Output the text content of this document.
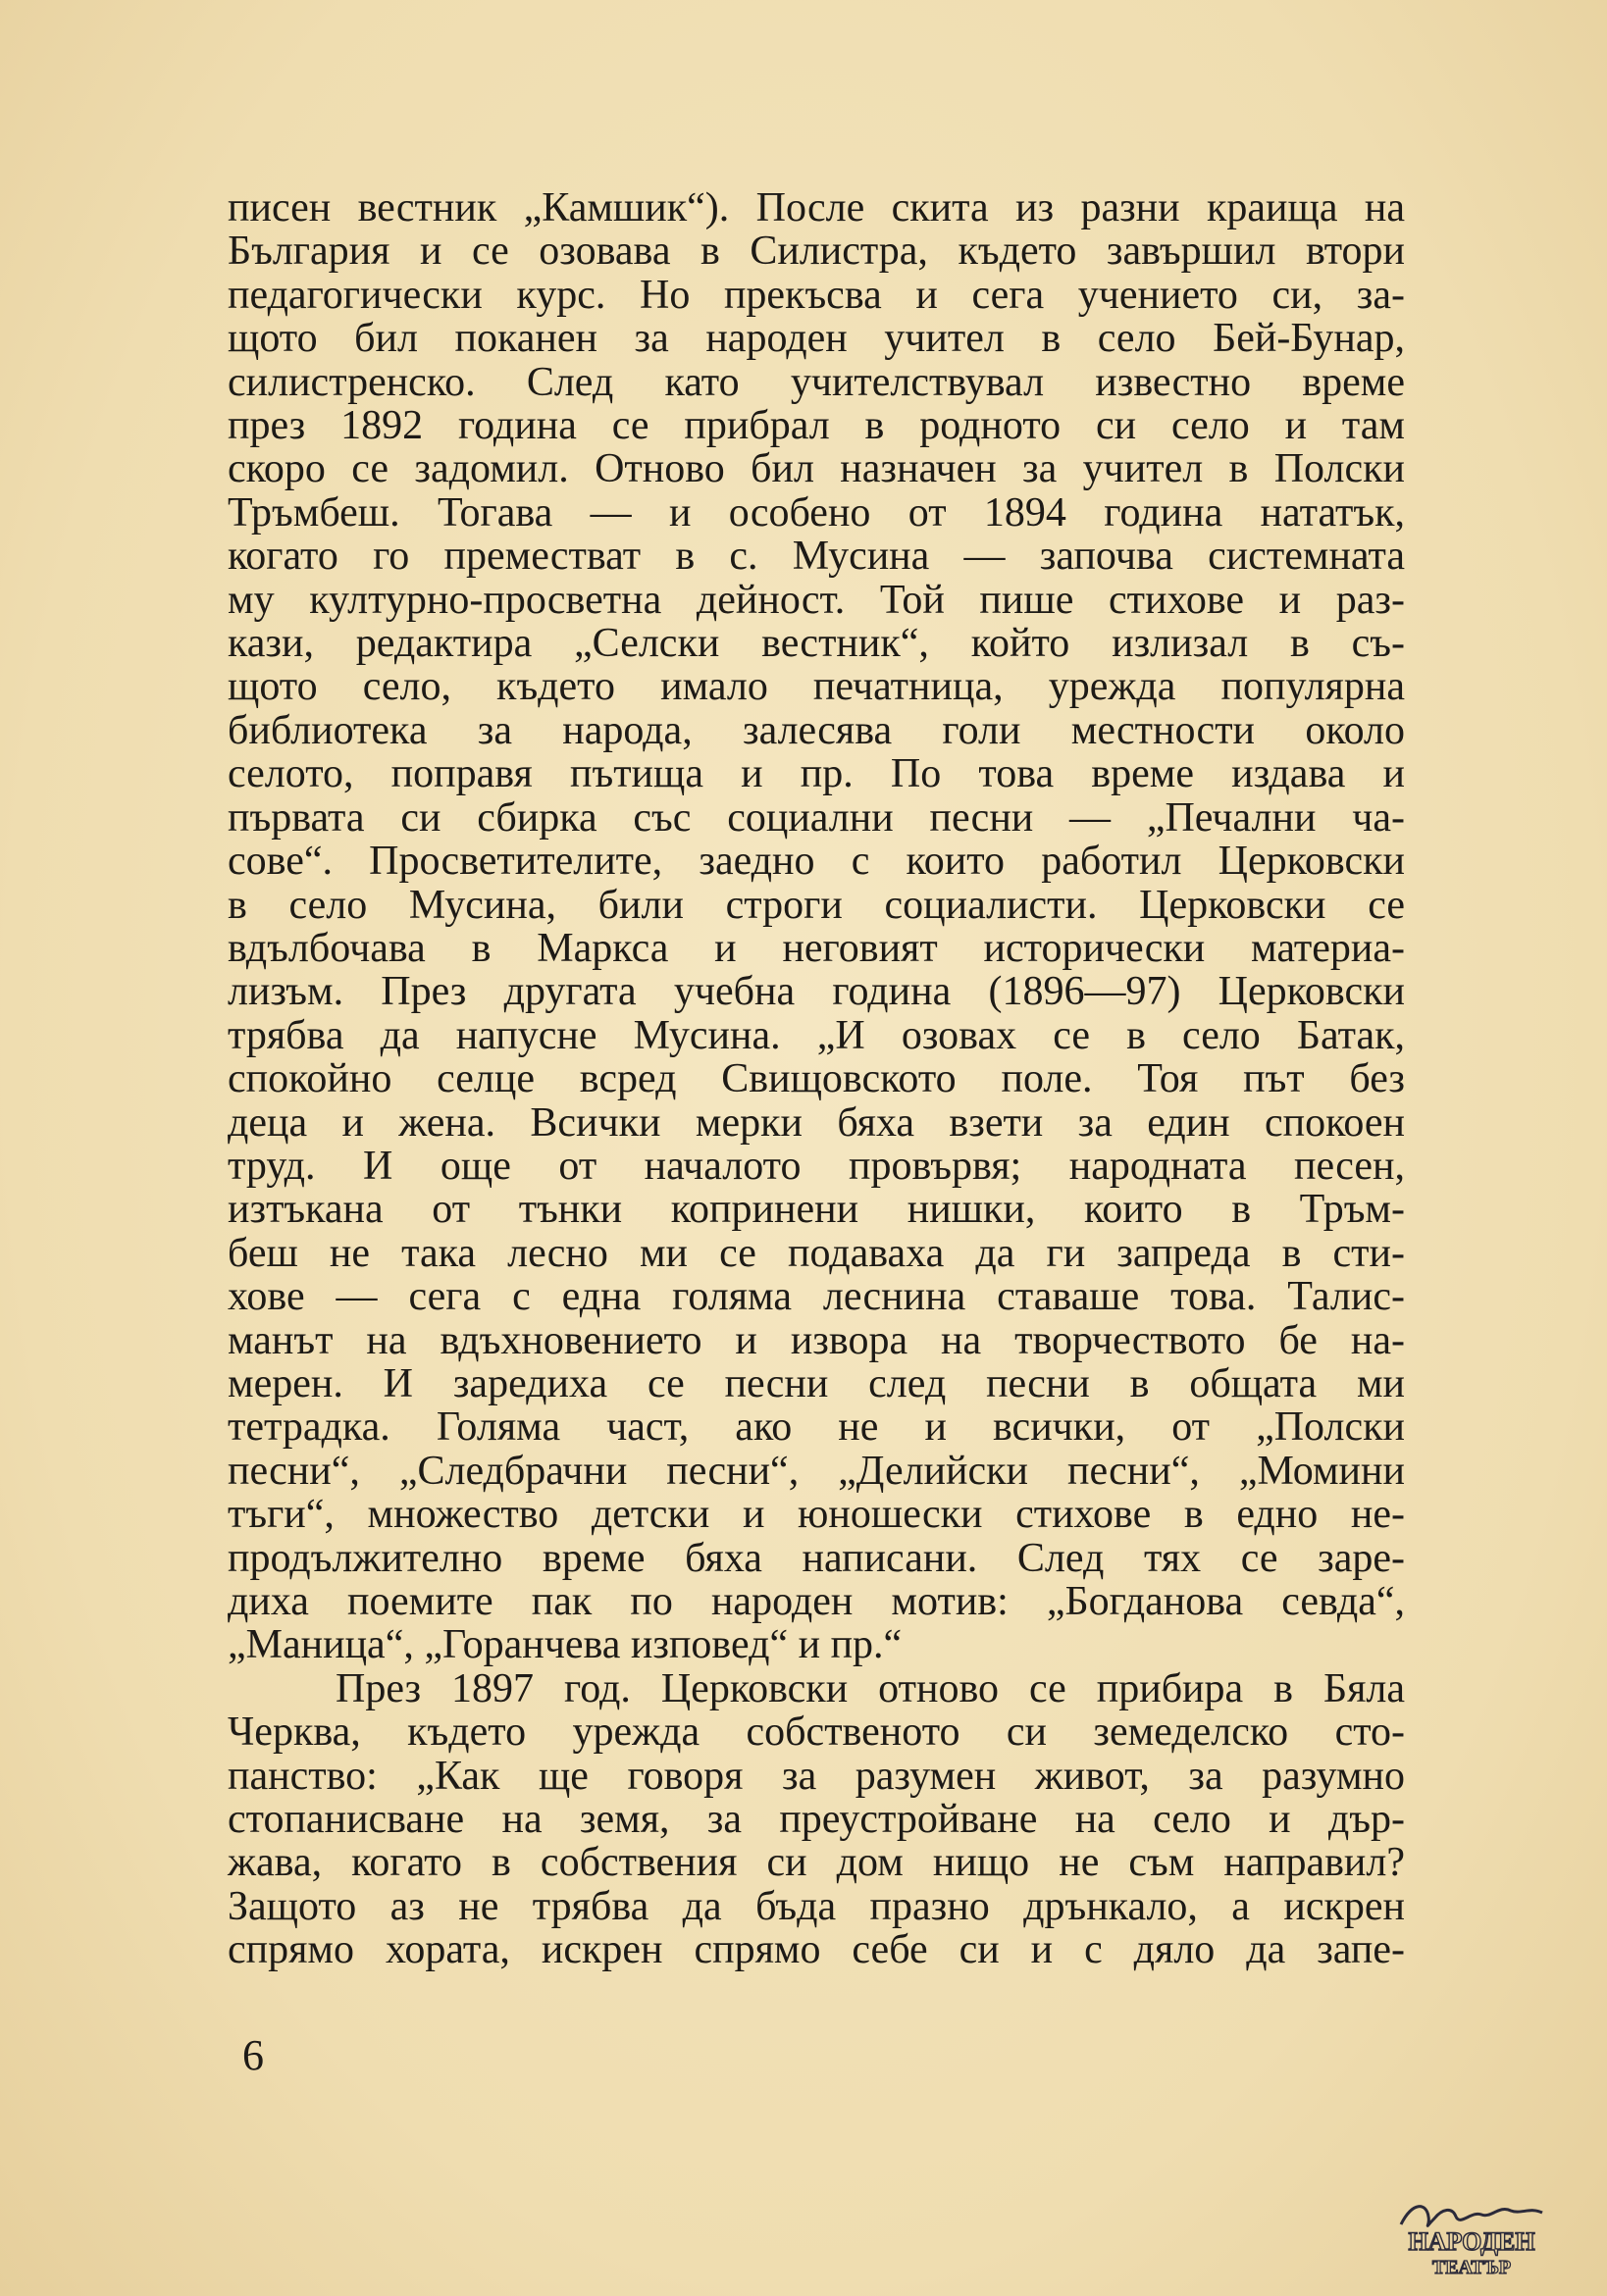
писен вестник „Камшик“). После скита из разни краища на
България и се озовава в Силистра, където завършил втори
педагогически курс. Но прекъсва и сега учението си, за-
щото бил поканен за народен учител в село Бей-Бунар,
силистренско. След като учителствувал известно време
през 1892 година се прибрал в родното си село и там
скоро се задомил. Отново бил назначен за учител в Полски
Тръмбеш. Тогава — и особено от 1894 година нататък,
когато го преместват в с. Мусина — започва системната
му културно-просветна дейност. Той пише стихове и раз-
кази, редактира „Селски вестник“, който излизал в съ-
щото село, където имало печатница, урежда популярна
библиотека за народа, залесява голи местности около
селото, поправя пътища и пр. По това време издава и
първата си сбирка със социални песни — „Печални ча-
сове“. Просветителите, заедно с които работил Церковски
в село Мусина, били строги социалисти. Церковски се
вдълбочава в Маркса и неговият исторически материа-
лизъм. През другата учебна година (1896—97) Церковски
трябва да напусне Мусина. „И озовах се в село Батак,
спокойно селце всред Свищовското поле. Тоя път без
деца и жена. Всички мерки бяха взети за един спокоен
труд. И още от началото провървя; народната песен,
изтъкана от тънки копринени нишки, които в Тръм-
беш не така лесно ми се подаваха да ги запреда в сти-
хове — сега с една голяма леснина ставаше това. Талис-
манът на вдъхновението и извора на творчеството бе на-
мерен. И заредиха се песни след песни в общата ми
тетрадка. Голяма част, ако не и всички, от „Полски
песни“, „Следбрачни песни“, „Делийски песни“, „Момини
тъги“, множество детски и юношески стихове в едно не-
продължително време бяха написани. След тях се заре-
диха поемите пак по народен мотив: „Богданова севда“,
„Маница“, „Горанчева изповед“ и пр.“
През 1897 год. Церковски отново се прибира в Бяла
Черква, където урежда собственото си земеделско сто-
панство: „Как ще говоря за разумен живот, за разумно
стопанисване на земя, за преустройване на село и дър-
жава, когато в собствения си дом нищо не съм направил?
Защото аз не трябва да бъда празно дрънкало, а искрен
спрямо хората, искрен спрямо себе си и с дяло да запе-
6
НАРОДЕН
ТЕАТЪР
